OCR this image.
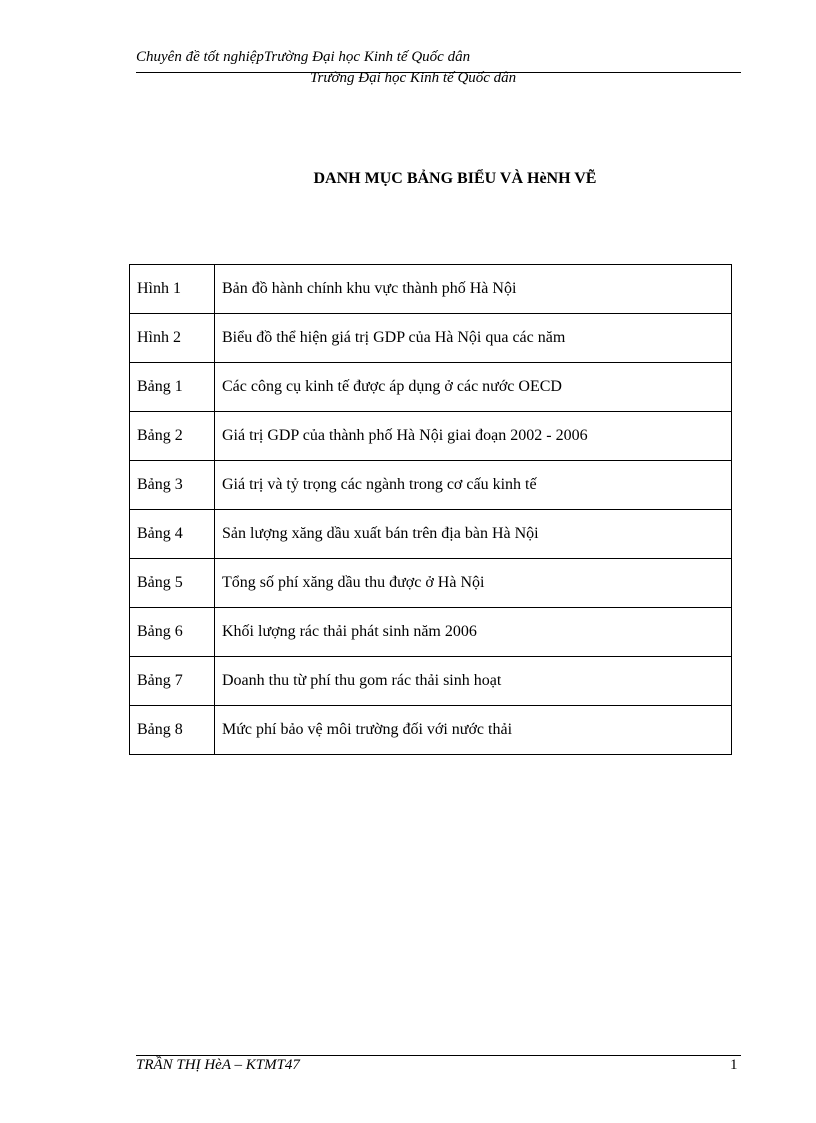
Chuyên đề tốt nghiệpTrường Đại học Kinh tế Quốc dân
Trường Đại học Kinh tế Quốc dân
DANH MỤC BẢNG BIỂU VÀ HèNH VẼ
Hình 1	Bản đồ hành chính khu vực thành phố Hà Nội
Hình 2	Biểu đồ thể hiện giá trị GDP của Hà Nội qua các năm
Bảng 1	Các công cụ kinh tế được áp dụng ở các nước OECD
Bảng 2	Giá trị GDP của thành phố Hà Nội giai đoạn 2002 - 2006
Bảng 3	Giá trị và tỷ trọng các ngành trong cơ cấu kinh tế
Bảng 4	Sản lượng xăng dầu xuất bán trên địa bàn Hà Nội
Bảng 5	Tổng số phí xăng dầu thu được ở Hà Nội
Bảng 6	Khối lượng rác thải phát sinh năm 2006
Bảng 7	Doanh thu từ phí thu gom rác thải sinh hoạt
Bảng 8	Mức phí bảo vệ môi trường đối với nước thải
TRẦN THỊ HèA – KTMT47	1
